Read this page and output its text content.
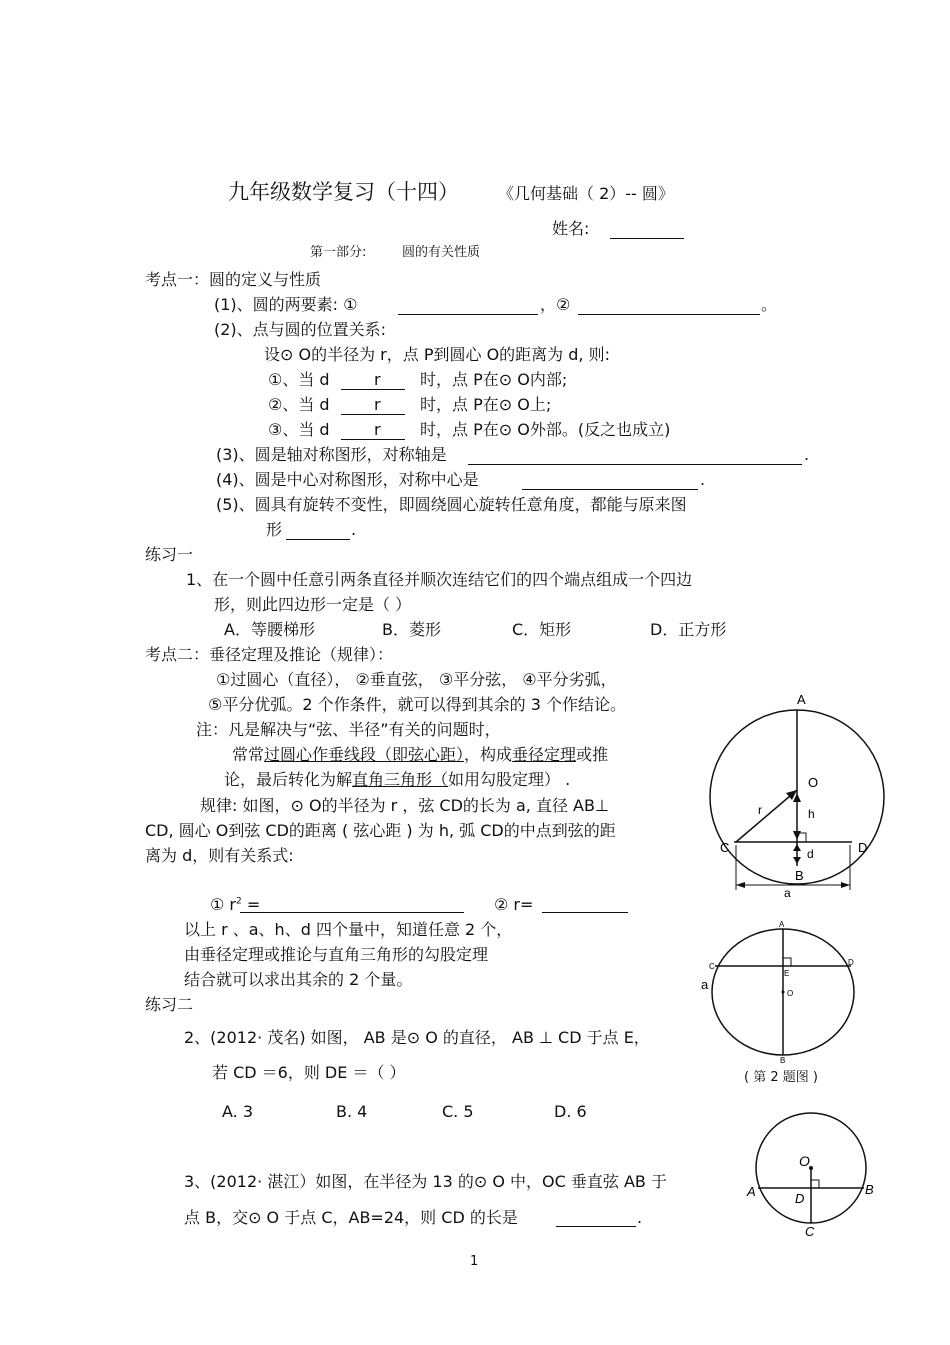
九年级数学复习（十四） 《几何基础（ 2）-- 圆》
姓名:
第一部分:	圆的有关性质
考点一：圆的定义与性质
(1)、圆的两要素: ①	，②	。
(2)、点与圆的位置关系:
设⊙ O的半径为 r，点 P到圆心 O的距离为 d, 则:
①、当 d	r 时，点 P在⊙ O内部;
②、当 d	r 时，点 P在⊙ O上;
③、当 d	r 时，点 P在⊙ O外部。(反之也成立)
(3)、圆是轴对称图形，对称轴是	.
(4)、圆是中心对称图形，对称中心是	.
(5)、圆具有旋转不变性，即圆绕圆心旋转任意角度，都能与原来图
形	.
练习一
1、在一个圆中任意引两条直径并顺次连结它们的四个端点组成一个四边
形，则此四边形一定是（ ）
A．等腰梯形	B．菱形	C．矩形	D．正方形
考点二：垂径定理及推论（规律）：
①过圆心（直径）， ②垂直弦， ③平分弦， ④平分劣弧，
⑤平分优弧。2 个作条件，就可以得到其余的 3 个作结论。
注：凡是解决与“弦、半径”有关的问题时，
常常过圆心作垂线段（即弦心距），构成垂径定理或推
论，最后转化为解直角三角形（如用勾股定理） .
规律: 如图，⊙ O的半径为 r ，弦 CD的长为 a, 直径 AB⊥
CD, 圆心 O到弦 CD的距离 ( 弦心距 ) 为 h, 弧 CD的中点到弦的距
离为 d，则有关系式:
① $r^2$ =	② r=
以上 r 、a、h、d 四个量中，知道任意 2 个，
由垂径定理或推论与直角三角形的勾股定理
结合就可以求出其余的 2 个量。
练习二
2、(2012· 茂名) 如图， AB 是⊙ O 的直径， AB ⊥ CD 于点 E，
若 CD ＝6，则 DE ＝（ ）
A. 3	B. 4	C. 5	D. 6
( 第 2 题图 )
3、(2012· 湛江）如图，在半径为 13 的⊙ O 中，OC 垂直弦 AB 于
点 B，交⊙ O 于点 C，AB=24，则 CD 的长是	.
1
A
O
r	h
C	D
d
B
a
A
C	D
E
O
B
a
O
A	B
D
C
